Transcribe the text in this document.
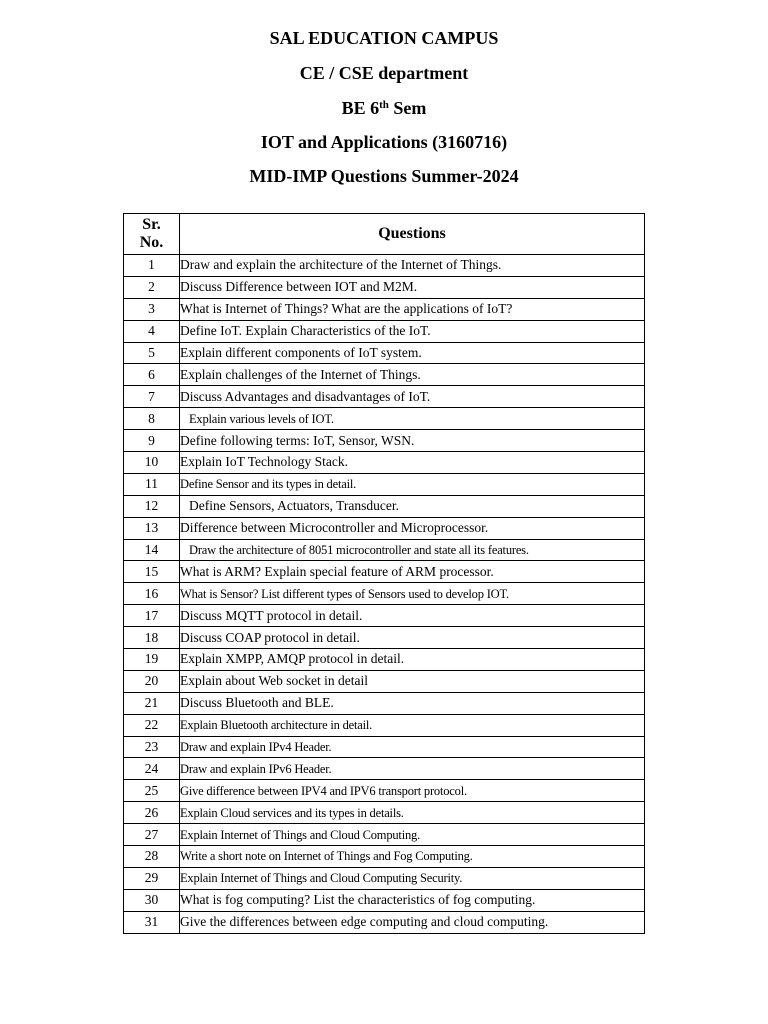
SAL EDUCATION CAMPUS
CE / CSE department
BE 6th Sem
IOT and Applications (3160716)
MID-IMP Questions Summer-2024
Sr.
No.	Questions
1	Draw and explain the architecture of the Internet of Things.
2	Discuss Difference between IOT and M2M.
3	What is Internet of Things? What are the applications of IoT?
4	Define IoT. Explain Characteristics of the IoT.
5	Explain different components of IoT system.
6	Explain challenges of the Internet of Things.
7	Discuss Advantages and disadvantages of IoT.
8	Explain various levels of IOT.
9	Define following terms: IoT, Sensor, WSN.
10	Explain IoT Technology Stack.
11	Define Sensor and its types in detail.
12	Define Sensors, Actuators, Transducer.
13	Difference between Microcontroller and Microprocessor.
14	Draw the architecture of 8051 microcontroller and state all its features.
15	What is ARM? Explain special feature of ARM processor.
16	What is Sensor? List different types of Sensors used to develop IOT.
17	Discuss MQTT protocol in detail.
18	Discuss COAP protocol in detail.
19	Explain XMPP, AMQP protocol in detail.
20	Explain about Web socket in detail
21	Discuss Bluetooth and BLE.
22	Explain Bluetooth architecture in detail.
23	Draw and explain IPv4 Header.
24	Draw and explain IPv6 Header.
25	Give difference between IPV4 and IPV6 transport protocol.
26	Explain Cloud services and its types in details.
27	Explain Internet of Things and Cloud Computing.
28	Write a short note on Internet of Things and Fog Computing.
29	Explain Internet of Things and Cloud Computing Security.
30	What is fog computing? List the characteristics of fog computing.
31	Give the differences between edge computing and cloud computing.
